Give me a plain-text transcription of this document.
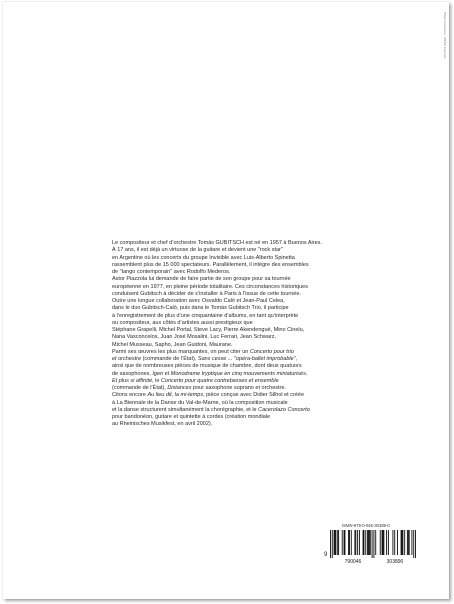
Photo couverture : Michel Pourcine
Le compositeur et chef d’orchestre Tomás GUBITSCH est né en 1957 à Buenos Aires.
À 17 ans, il est déjà un virtuose de la guitare et devient une "rock star"
en Argentine où les concerts du groupe Invisible avec Luis-Alberto Spinetta
rassemblent plus de 15 000 spectateurs. Parallèlement, il intègre des ensembles
de "tango contemporain" avec Rodolfo Mederos.
Astor Piazzola lui demande de faire partie de son groupe pour sa tournée
européenne en 1977, en pleine période totalitaire. Ces circonstances historiques
conduisent Gubitsch à décider de s’installer à Paris à l’issue de cette tournée.
Outre une longue collaboration avec Osvaldo Caló et Jean-Paul Celea,
dans le duo Gubitsch-Caló, puis dans le Tomás Gubitsch Trio, il participe
à l’enregistrement de plus d’une cinquantaine d’albums, en tant qu’interprète
ou compositeur, aux côtés d’artistes aussi prestigieux que
Stéphane Grapelli, Michel Portal, Steve Lacy, Pierre Akendengué, Mino Cinelu,
Nana Vasconcelos, Juan José Mosalini, Luc Ferrari, Jean Schwarz,
Michel Musseau, Sapho, Jean Guidoni, Maurane.
Parmi ses œuvres les plus marquantes, on peut citer un Concerto pour trio
et orchestre (commande de l’État), Sans cesse ... "opéra-ballet improbable",
ainsi que de nombreuses pièces de musique de chambre, dont deux quatuors
de saxophones, Igen et Monodrame tryptique en cinq mouvements miniaturisés.
Et plus si affinité, le Concerto pour quatre contrebasses et ensemble
(commande de l’État), Distances pour saxophone soprano et orchestre.
Citons encore Au lieu dit, la mi-temps, pièce conçue avec Didier Silhol et créée
à La Biennale de la Danse du Val-de-Marne, où la composition musicale
et la danse structurent simultanément la chorégraphie, et le Cacerolazo Concerto
pour bandonéon, guitare et quintette à cordes (création mondiale
au Rheinisches Musikfest, en avril 2002).
ISMN-979-0-046-30389-0
9
790046	303890
